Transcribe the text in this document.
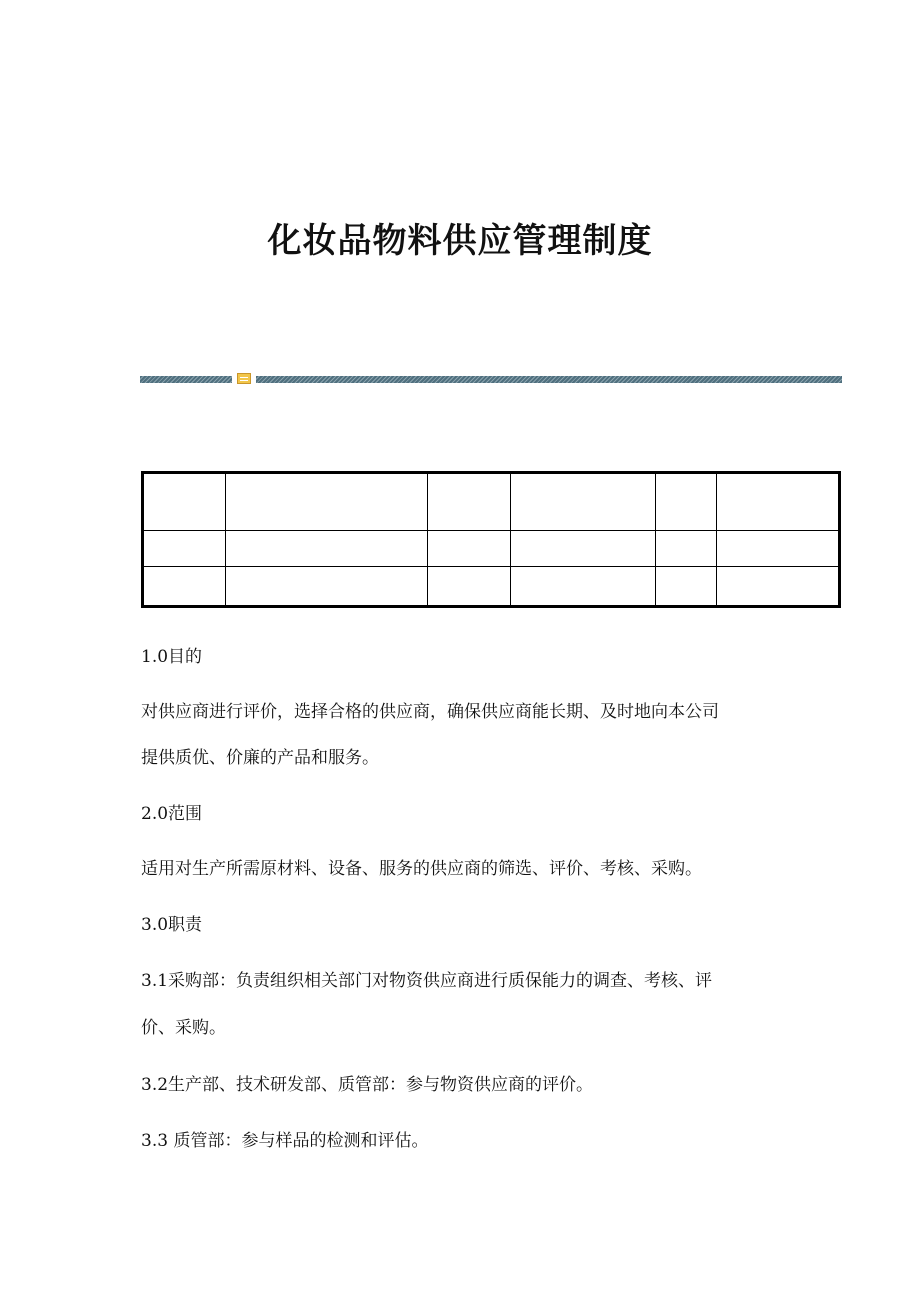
化妆品物料供应管理制度

1.0目的
对供应商进行评价，选择合格的供应商，确保供应商能长期、及时地向本公司
提供质优、价廉的产品和服务。
2.0范围
适用对生产所需原材料、设备、服务的供应商的筛选、评价、考核、采购。
3.0职责
3.1采购部：负责组织相关部门对物资供应商进行质保能力的调查、考核、评
价、采购。
3.2生产部、技术研发部、质管部：参与物资供应商的评价。
3.3 质管部：参与样品的检测和评估。
